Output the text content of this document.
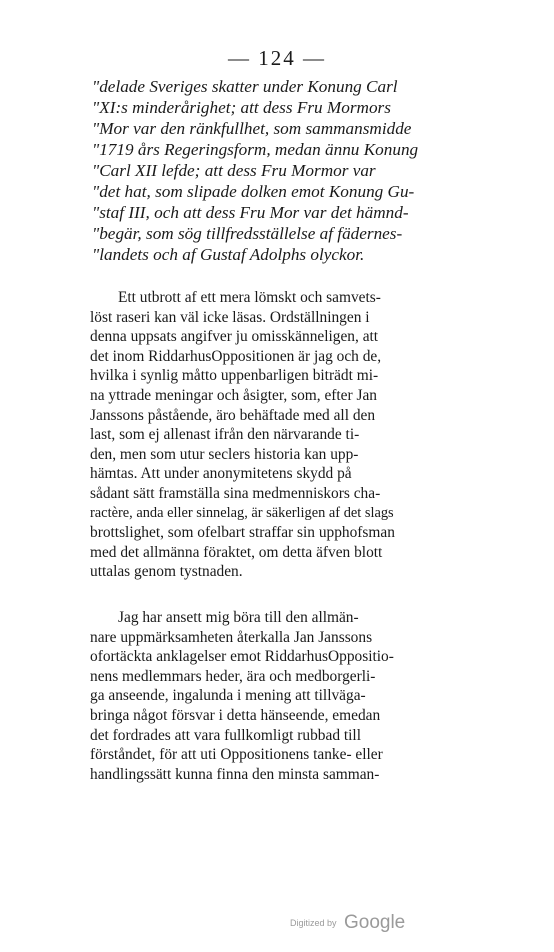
— 124 —
"delade Sveriges skatter under Konung Carl
"XI:s minderårighet; att dess Fru Mormors
"Mor var den ränkfullhet, som sammansmidde
"1719 års Regeringsform, medan ännu Konung
"Carl XII lefde; att dess Fru Mormor var
"det hat, som slipade dolken emot Konung Gu-
"staf III, och att dess Fru Mor var det hämnd-
"begär, som sög tillfredsställelse af fädernes-
"landets och af Gustaf Adolphs olyckor.
Ett utbrott af ett mera lömskt och samvets-
löst raseri kan väl icke läsas. Ordställningen i
denna uppsats angifver ju omisskänneligen, att
det inom RiddarhusOppositionen är jag och de,
hvilka i synlig måtto uppenbarligen biträdt mi-
na yttrade meningar och åsigter, som, efter Jan
Janssons påstående, äro behäftade med all den
last, som ej allenast ifrån den närvarande ti-
den, men som utur seclers historia kan upp-
hämtas. Att under anonymitetens skydd på
sådant sätt framställa sina medmenniskors cha-
ractère, anda eller sinnelag, är säkerligen af det slags
brottslighet, som ofelbart straffar sin upphofsman
med det allmänna föraktet, om detta äfven blott
uttalas genom tystnaden.
Jag har ansett mig böra till den allmän-
nare uppmärksamheten återkalla Jan Janssons
ofortäckta anklagelser emot RiddarhusOppositio-
nens medlemmars heder, ära och medborgerli-
ga anseende, ingalunda i mening att tillväga-
bringa något försvar i detta hänseende, emedan
det fordrades att vara fullkomligt rubbad till
förståndet, för att uti Oppositionens tanke- eller
handlingssätt kunna finna den minsta samman-
Digitized by Google
